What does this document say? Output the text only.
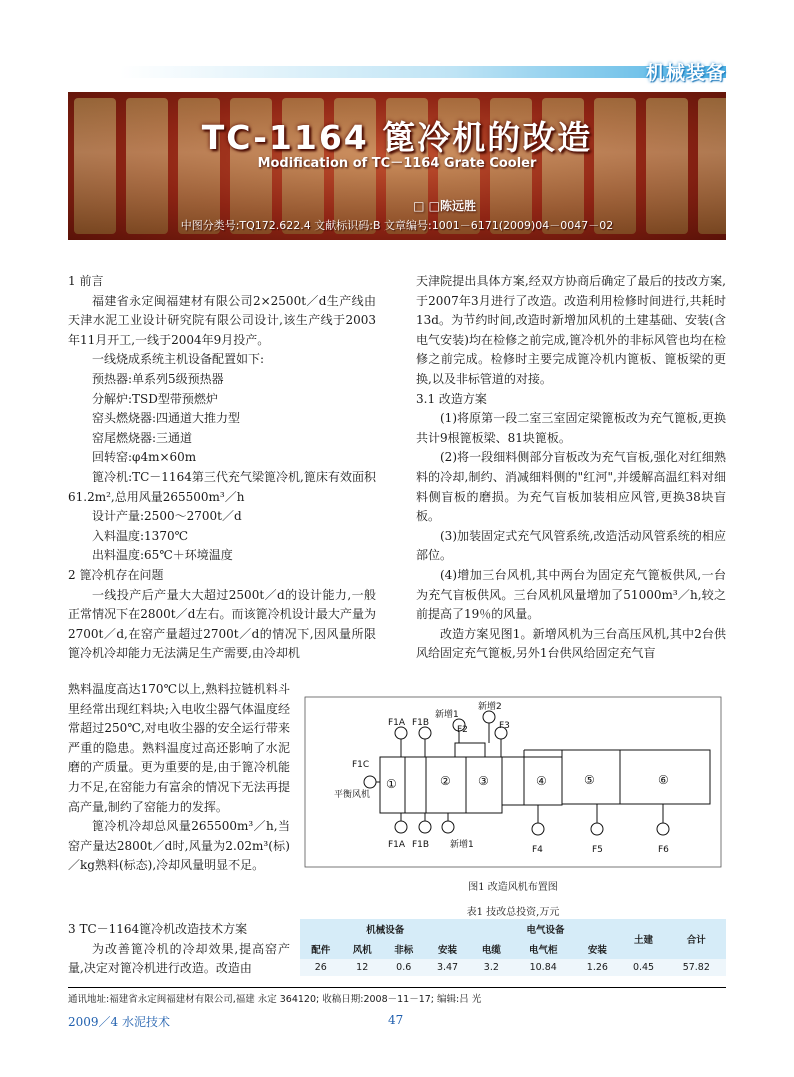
机械装备
TC-1164 篦冷机的改造
Modification of TC－1164 Grate Cooler
□ □陈远胜
中图分类号:TQ172.622.4 文献标识码:B 文章编号:1001－6171(2009)04－0047－02

1 前言

福建省永定闽福建材有限公司2×2500t／d生产线由天津水泥工业设计研究院有限公司设计,该生产线于2003年11月开工,一线于2004年9月投产。

一线烧成系统主机设备配置如下:

预热器:单系列5级预热器

分解炉:TSD型带预燃炉

窑头燃烧器:四通道大推力型

窑尾燃烧器:三通道

回转窑:φ4m×60m

篦冷机:TC－1164第三代充气梁篦冷机,篦床有效面积61.2m²,总用风量265500m³／h

设计产量:2500～2700t／d

入料温度:1370℃

出料温度:65℃＋环境温度

2 篦冷机存在问题

一线投产后产量大大超过2500t／d的设计能力,一般正常情况下在2800t／d左右。而该篦冷机设计最大产量为2700t／d,在窑产量超过2700t／d的情况下,因风量所限篦冷机冷却能力无法满足生产需要,由冷却机

熟料温度高达170℃以上,熟料拉链机料斗里经常出现红料块;入电收尘器气体温度经常超过250℃,对电收尘器的安全运行带来严重的隐患。熟料温度过高还影响了水泥磨的产质量。更为重要的是,由于篦冷机能力不足,在窑能力有富余的情况下无法再提高产量,制约了窑能力的发挥。

篦冷机冷却总风量265500m³／h,当窑产量达2800t／d时,风量为2.02m³(标)／kg熟料(标态),冷却风量明显不足。

3 TC－1164篦冷机改造技术方案

为改善篦冷机的冷却效果,提高窑产量,决定对篦冷机进行改造。改造由

天津院提出具体方案,经双方协商后确定了最后的技改方案,于2007年3月进行了改造。改造利用检修时间进行,共耗时13d。为节约时间,改造时新增加风机的土建基础、安装(含电气安装)均在检修之前完成,篦冷机外的非标风管也均在检修之前完成。检修时主要完成篦冷机内篦板、篦板梁的更换,以及非标管道的对接。

3.1 改造方案

(1)将原第一段二室三室固定梁篦板改为充气篦板,更换共计9根篦板梁、81块篦板。

(2)将一段细料侧部分盲板改为充气盲板,强化对红细熟料的冷却,制约、消减细料侧的"红河",并缓解高温红料对细料侧盲板的磨损。为充气盲板加装相应风管,更换38块盲板。

(3)加装固定式充气风管系统,改造活动风管系统的相应部位。

(4)增加三台风机,其中两台为固定充气篦板供风,一台为充气盲板供风。三台风机风量增加了51000m³／h,较之前提高了19％的风量。

改造方案见图1。新增风机为三台高压风机,其中2台供风给固定充气篦板,另外1台供风给固定充气盲

F1A F1B
新增1
F2
新增2
F3
F1C
平衡风机
①	② ③	④	⑤	⑥
F1A F1B 新增1	F4	F5	F6
图1 改造风机布置图
表1 技改总投资,万元
机械设备				电气设备			土建	合计
配件	风机	非标	安装	电缆	电气柜	安装		
26	12	0.6	3.47	3.2	10.84	1.26	0.45	57.82
通讯地址:福建省永定闽福建材有限公司,福建 永定 364120; 收稿日期:2008－11－17; 编辑:吕 光
2009／4 水泥技术	47
